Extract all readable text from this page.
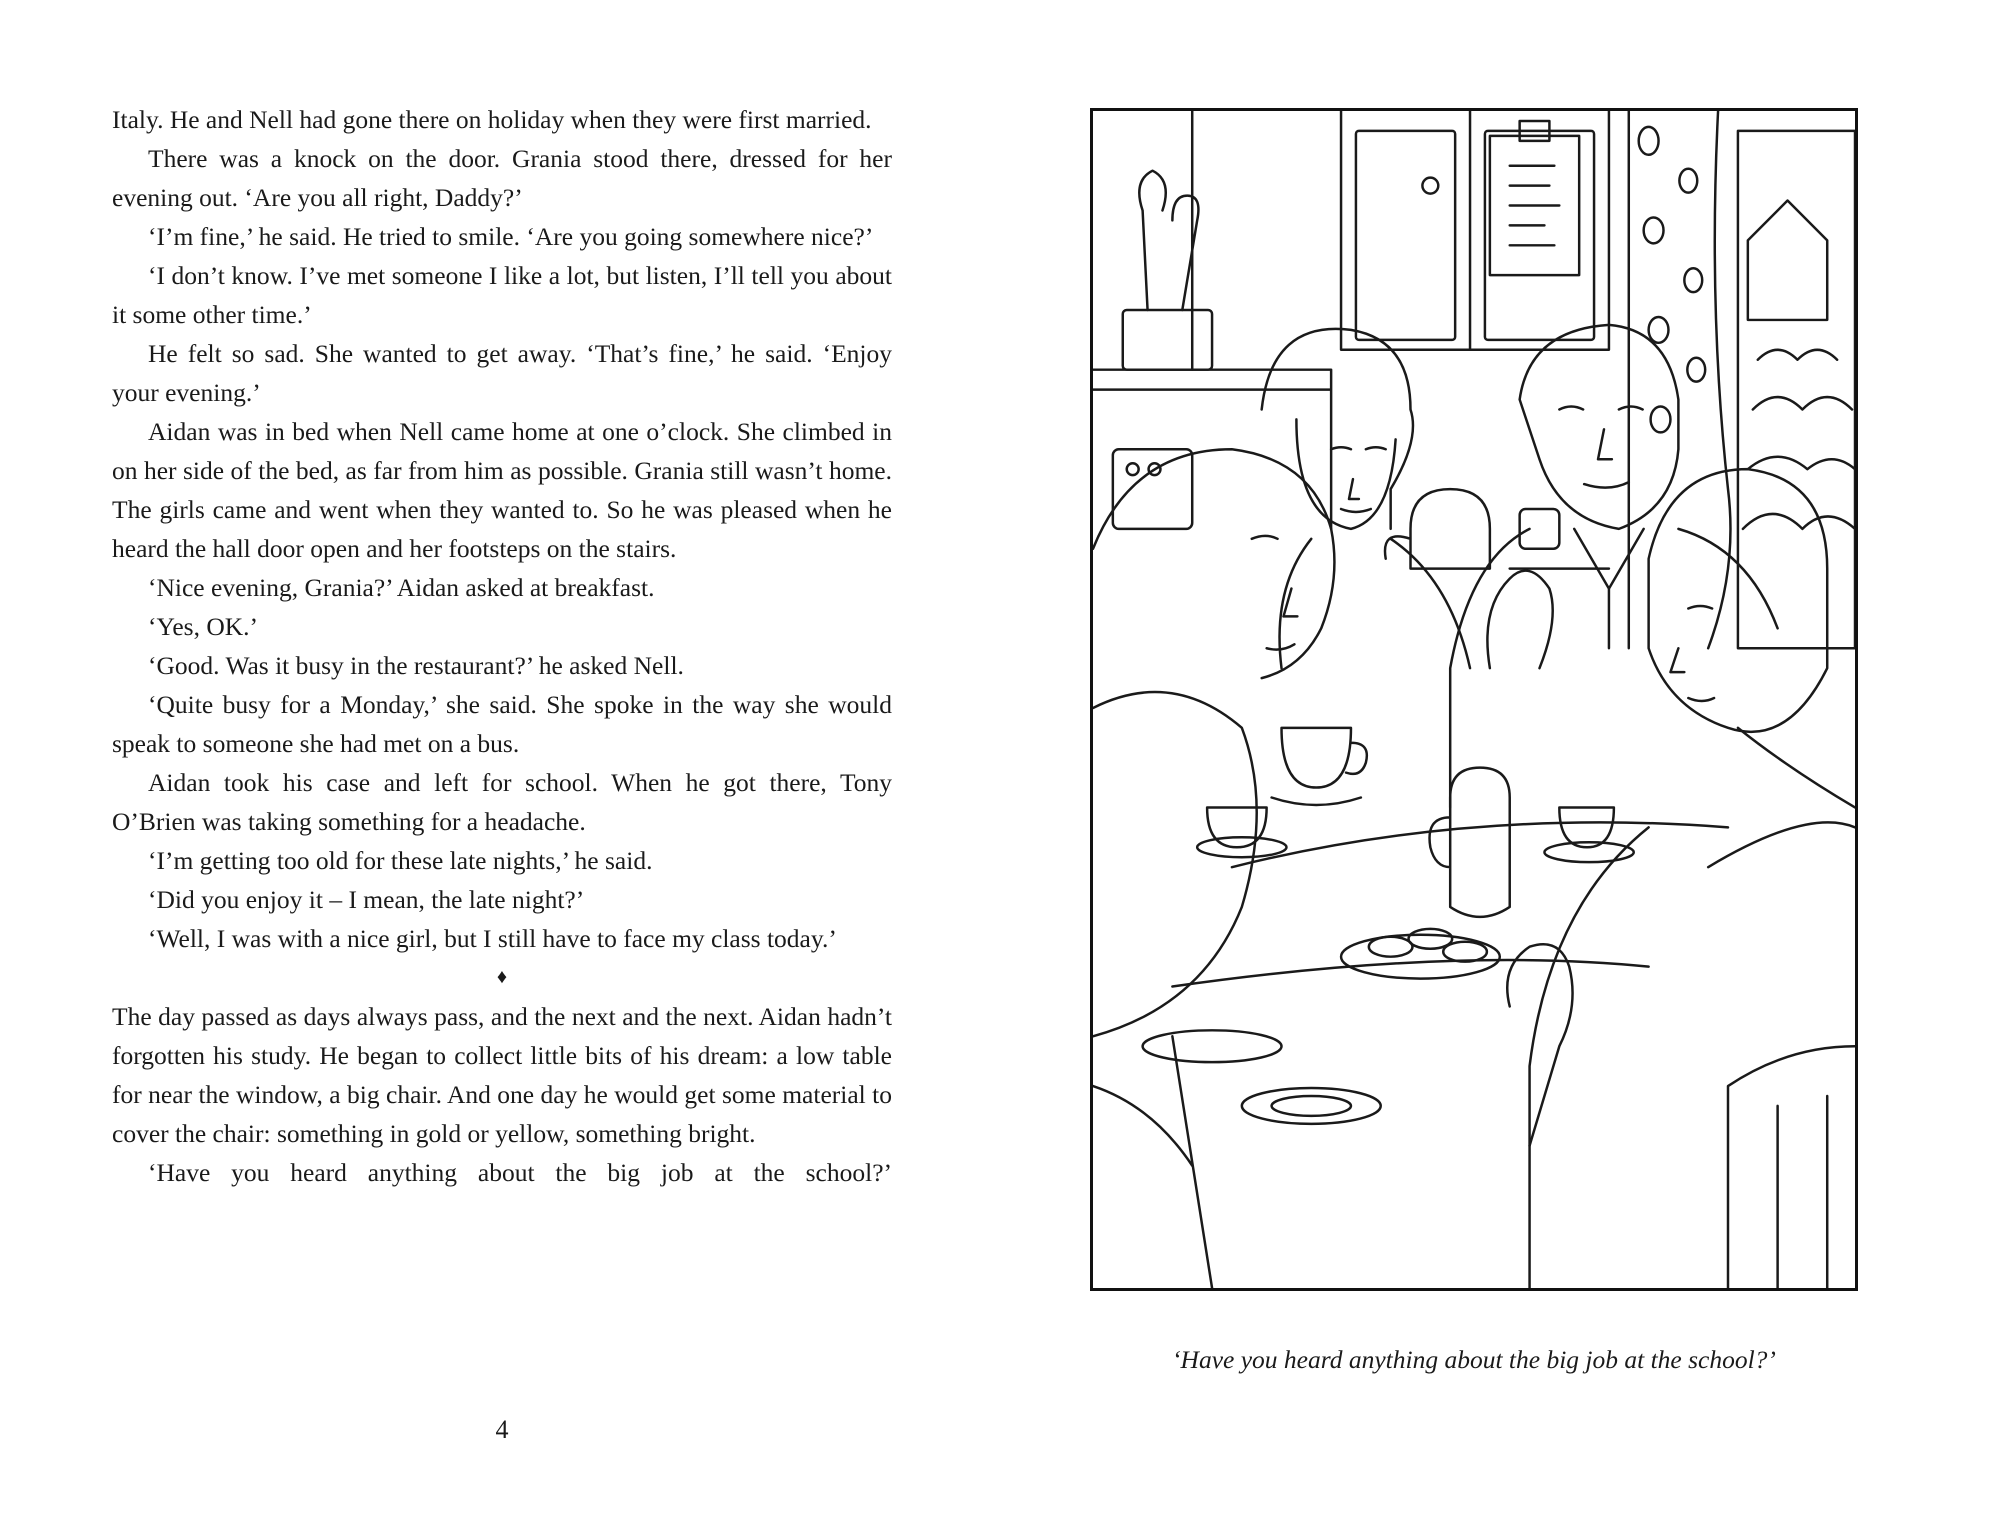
Italy. He and Nell had gone there on holiday when they were first married.

There was a knock on the door. Grania stood there, dressed for her evening out. ‘Are you all right, Daddy?’

‘I’m fine,’ he said. He tried to smile. ‘Are you going somewhere nice?’

‘I don’t know. I’ve met someone I like a lot, but listen, I’ll tell you about it some other time.’

He felt so sad. She wanted to get away. ‘That’s fine,’ he said. ‘Enjoy your evening.’

Aidan was in bed when Nell came home at one o’clock. She climbed in on her side of the bed, as far from him as possible. Grania still wasn’t home. The girls came and went when they wanted to. So he was pleased when he heard the hall door open and her footsteps on the stairs.

‘Nice evening, Grania?’ Aidan asked at breakfast.

‘Yes, OK.’

‘Good. Was it busy in the restaurant?’ he asked Nell.

‘Quite busy for a Monday,’ she said. She spoke in the way she would speak to someone she had met on a bus.

Aidan took his case and left for school. When he got there, Tony O’Brien was taking something for a headache.

‘I’m getting too old for these late nights,’ he said.

‘Did you enjoy it – I mean, the late night?’

‘Well, I was with a nice girl, but I still have to face my class today.’

♦

The day passed as days always pass, and the next and the next. Aidan hadn’t forgotten his study. He began to collect little bits of his dream: a low table for near the window, a big chair. And one day he would get some material to cover the chair: something in gold or yellow, something bright.

‘Have you heard anything about the big job at the school?’

4
‘Have you heard anything about the big job at the school?’
